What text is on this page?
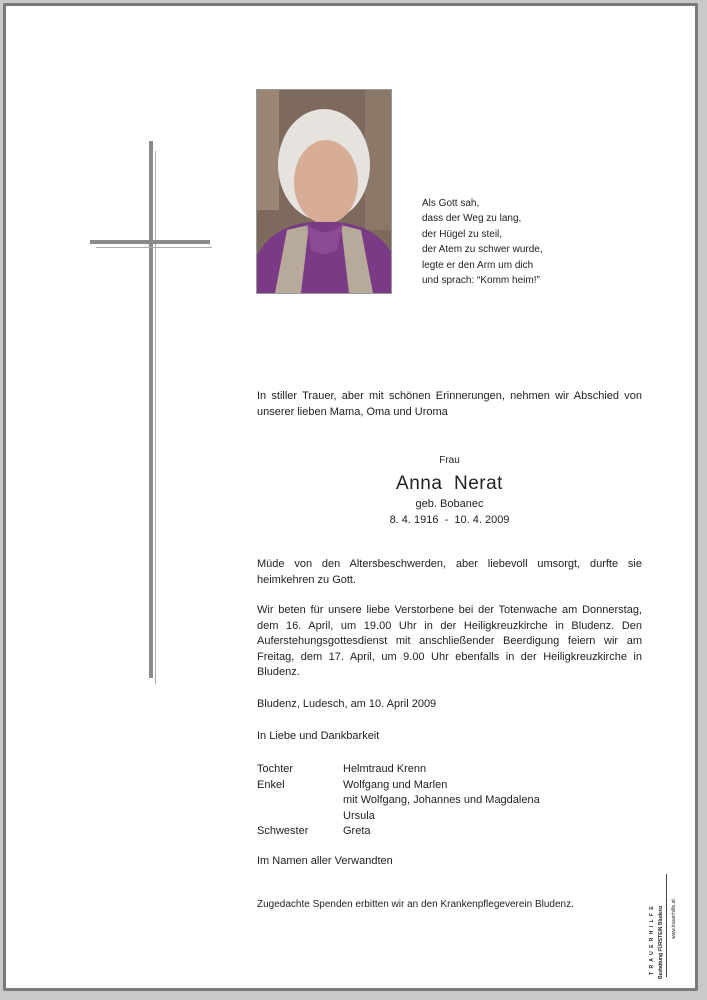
Als Gott sah,
dass der Weg zu lang,
der Hügel zu steil,
der Atem zu schwer wurde,
legte er den Arm um dich
und sprach: “Komm heim!”
In stiller Trauer, aber mit schönen Erinnerungen, nehmen wir Abschied von unserer lieben Mama, Oma und Uroma
Frau
Anna  Nerat
geb. Bobanec
8. 4. 1916  -  10. 4. 2009
Müde von den Altersbeschwerden, aber liebevoll umsorgt, durfte sie heimkehren zu Gott.
Wir beten für unsere liebe Verstorbene bei der Totenwache am Donnerstag, dem 16. April, um 19.00 Uhr in der Heiligkreuzkirche in Bludenz. Den Auferstehungsgottesdienst mit anschließender Beerdigung feiern wir am Freitag, dem 17. April, um 9.00 Uhr ebenfalls in der Heiligkreuzkirche in Bludenz.
Bludenz, Ludesch, am 10. April 2009
In Liebe und Dankbarkeit
Tochter	Helmtraud Krenn
Enkel	Wolfgang und Marlen
mit Wolfgang, Johannes und Magdalena
Ursula
Schwester	Greta
Im Namen aller Verwandten
Zugedachte Spenden erbitten wir an den Krankenpflegeverein Bludenz.
T R A U E R H I L F E Bestattung FÜRSTEIN Bludenz www.trauerhilfe.at
